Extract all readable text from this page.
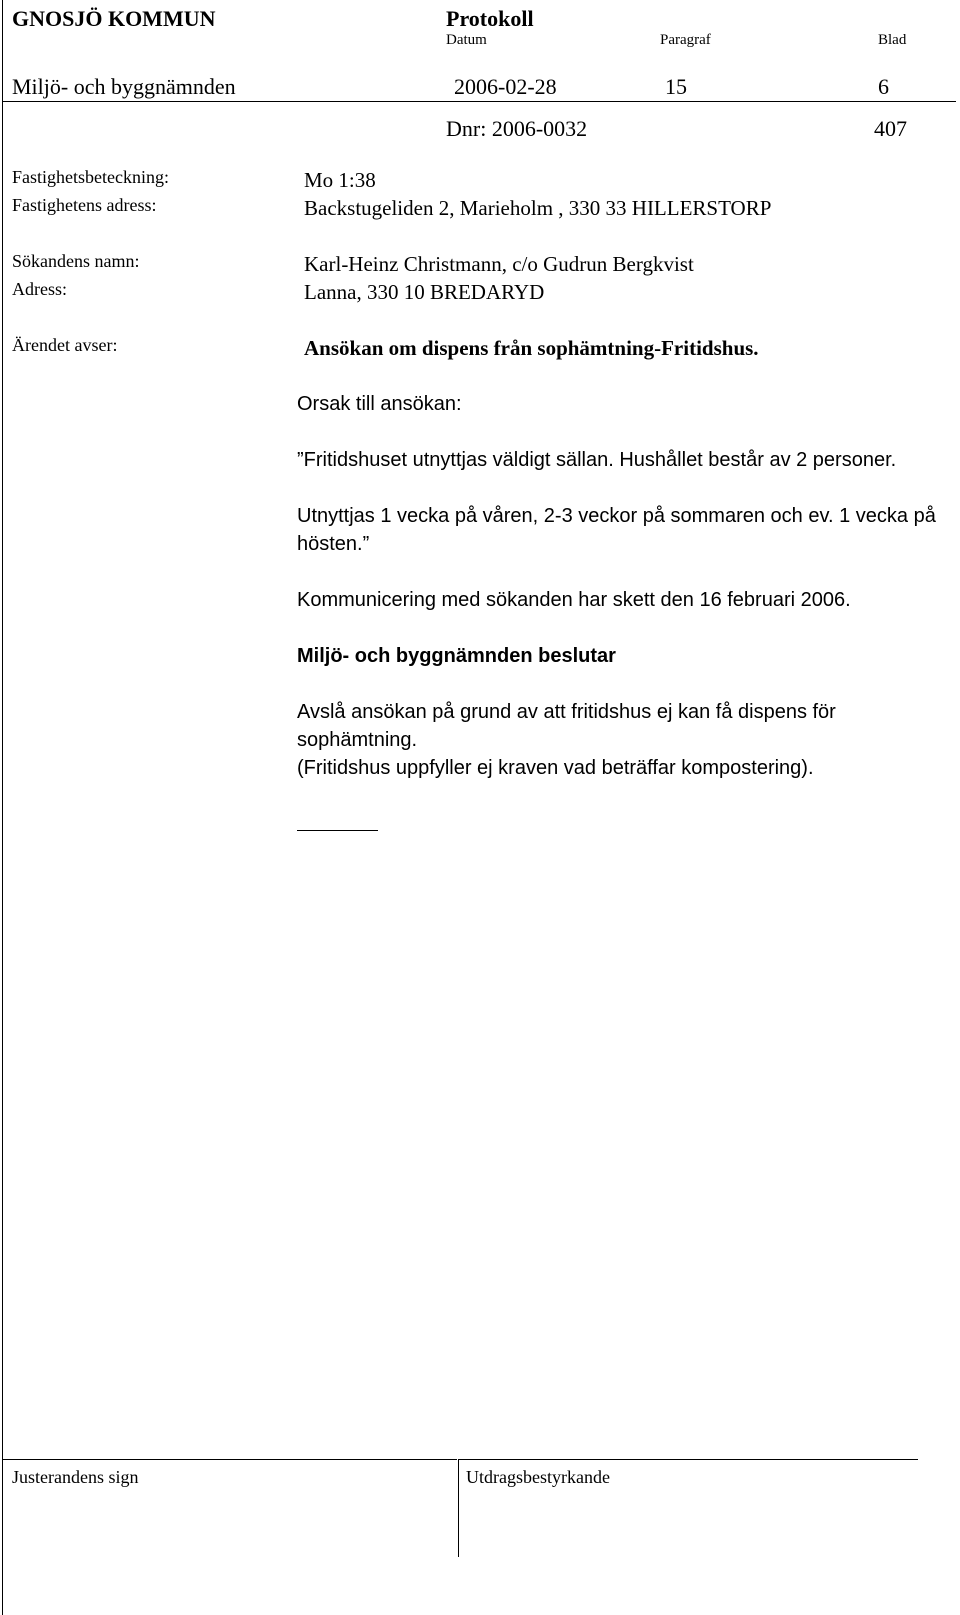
GNOSJÖ KOMMUN	Protokoll
Datum	Paragraf	Blad
Miljö- och byggnämnden	2006-02-28	15	6
Dnr: 2006-0032	407
Fastighetsbeteckning:	Mo 1:38
Fastighetens adress:	Backstugeliden 2, Marieholm , 330 33 HILLERSTORP
Sökandens namn:	Karl-Heinz Christmann, c/o Gudrun Bergkvist
Adress:	Lanna, 330 10 BREDARYD
Ärendet avser:	Ansökan om dispens från sophämtning-Fritidshus.
Orsak till ansökan:
”Fritidshuset utnyttjas väldigt sällan. Hushållet består av 2 personer.
Utnyttjas 1 vecka på våren, 2-3 veckor på sommaren och ev. 1 vecka på hösten.”
Kommunicering med sökanden har skett den 16 februari 2006.
Miljö- och byggnämnden beslutar
Avslå ansökan på grund av att fritidshus ej kan få dispens för sophämtning.
(Fritidshus uppfyller ej kraven vad beträffar kompostering).
Justerandens sign	Utdragsbestyrkande
